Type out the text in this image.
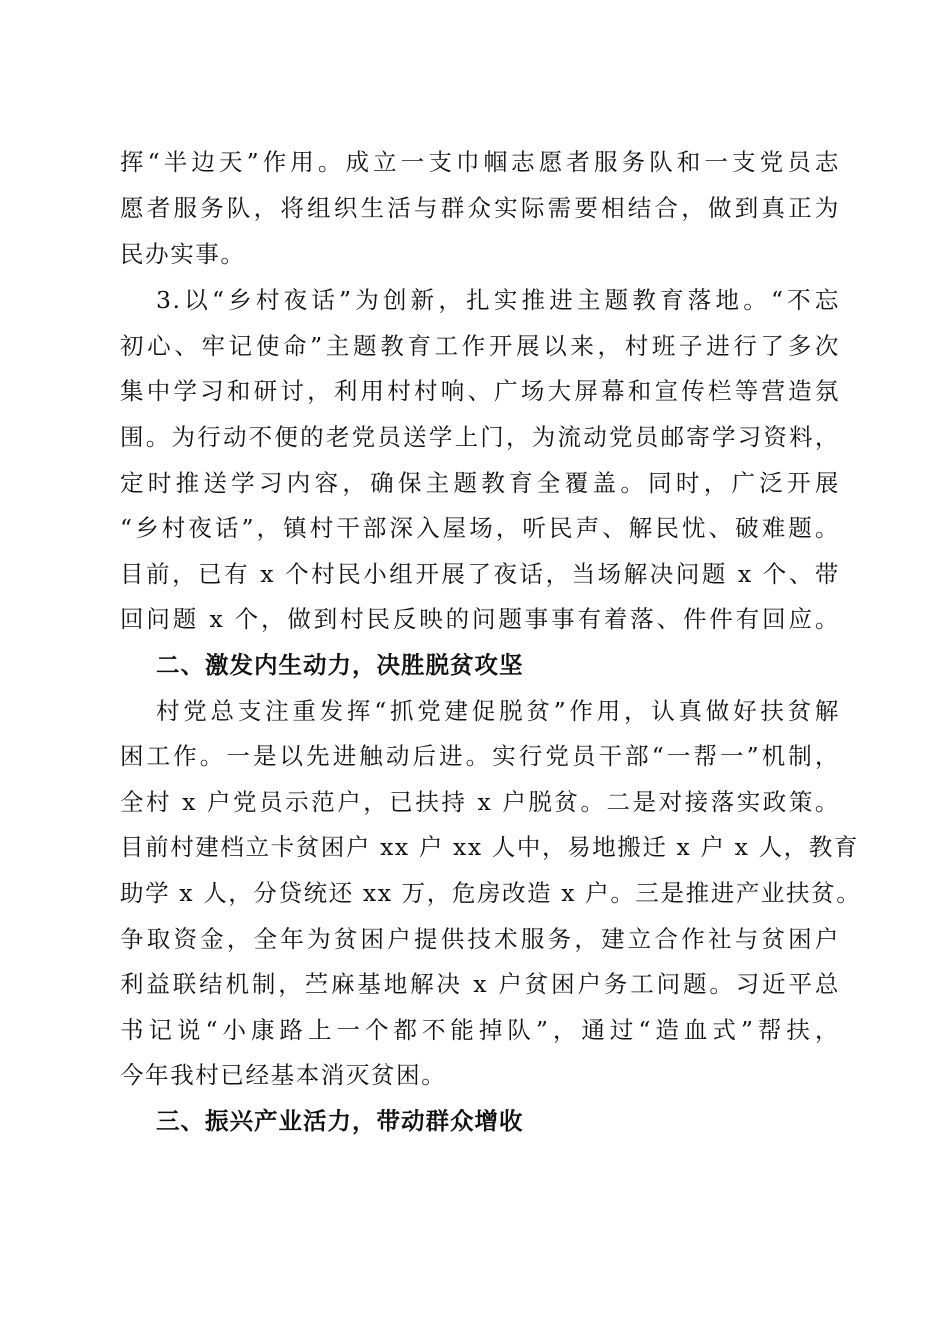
挥“半边天”作用。成立一支巾帼志愿者服务队和一支党员志
愿者服务队，将组织生活与群众实际需要相结合，做到真正为
民办实事。
3.以“乡村夜话”为创新，扎实推进主题教育落地。“不忘
初心、牢记使命”主题教育工作开展以来，村班子进行了多次
集中学习和研讨，利用村村响、广场大屏幕和宣传栏等营造氛
围。为行动不便的老党员送学上门，为流动党员邮寄学习资料，
定时推送学习内容，确保主题教育全覆盖。同时，广泛开展
“乡村夜话”，镇村干部深入屋场，听民声、解民忧、破难题。
目前，已有 x 个村民小组开展了夜话，当场解决问题 x 个、带
回问题 x 个，做到村民反映的问题事事有着落、件件有回应。
二、激发内生动力，决胜脱贫攻坚
村党总支注重发挥“抓党建促脱贫”作用，认真做好扶贫解
困工作。一是以先进触动后进。实行党员干部“一帮一”机制，
全村 x 户党员示范户，已扶持 x 户脱贫。二是对接落实政策。
目前村建档立卡贫困户 xx 户 xx 人中，易地搬迁 x 户 x 人，教育
助学 x 人，分贷统还 xx 万，危房改造 x 户。三是推进产业扶贫。
争取资金，全年为贫困户提供技术服务，建立合作社与贫困户
利益联结机制，苎麻基地解决 x 户贫困户务工问题。习近平总
书记说“小康路上一个都不能掉队”，通过“造血式”帮扶，
今年我村已经基本消灭贫困。
三、振兴产业活力，带动群众增收
